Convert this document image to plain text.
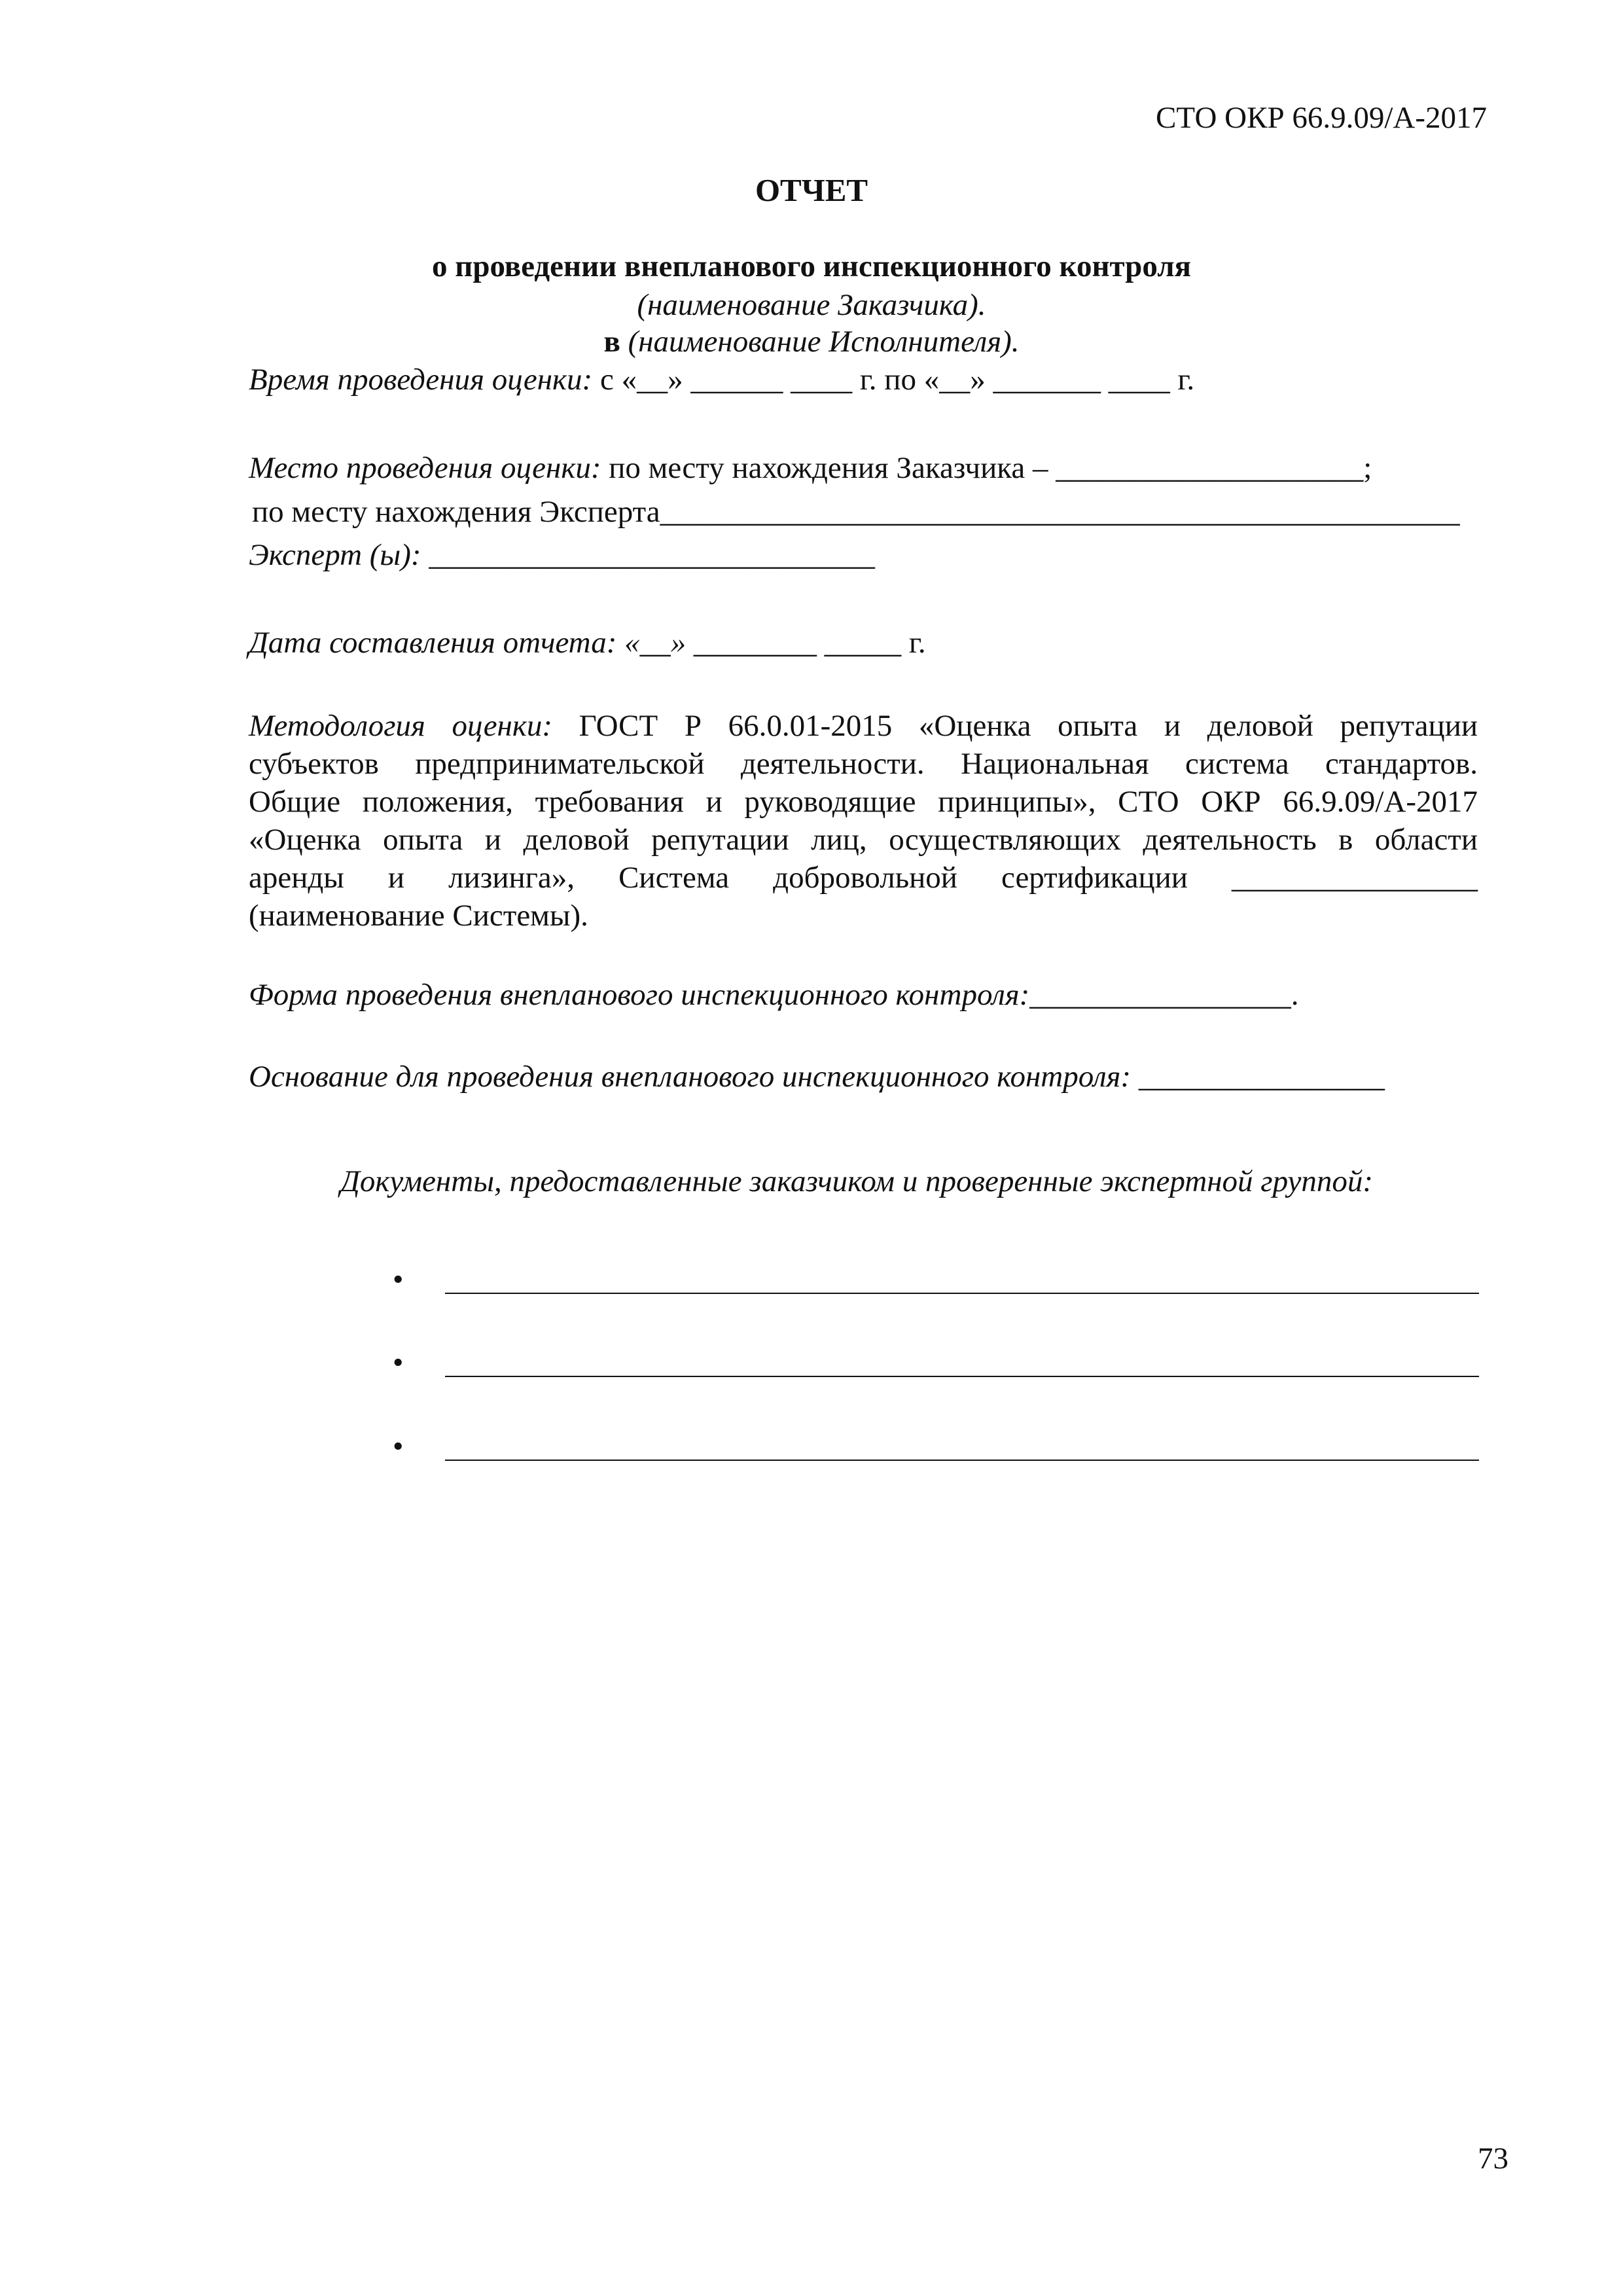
СТО ОКР 66.9.09/А-2017
ОТЧЕТ
о проведении внепланового инспекционного контроля
(наименование Заказчика).
в (наименование Исполнителя).
Время проведения оценки: с «__» ______ ____ г. по «__» _______ ____ г.
Место проведения оценки: по месту нахождения Заказчика – ____________________;
по месту нахождения Эксперта____________________________________________________
Эксперт (ы): _____________________________
Дата составления отчета: «__» ________ _____ г.
Методология оценки: ГОСТ Р 66.0.01-2015 «Оценка опыта и деловой репутации
субъектов предпринимательской деятельности. Национальная система стандартов.
Общие положения, требования и руководящие принципы», СТО ОКР 66.9.09/А-2017
«Оценка опыта и деловой репутации лиц, осуществляющих деятельность в области
аренды и лизинга», Система добровольной сертификации ________________
(наименование Системы).
Форма проведения внепланового инспекционного контроля:_________________.
Основание для проведения внепланового инспекционного контроля: ________________
Документы, предоставленные заказчиком и проверенные экспертной группой:
•
•
•
73
